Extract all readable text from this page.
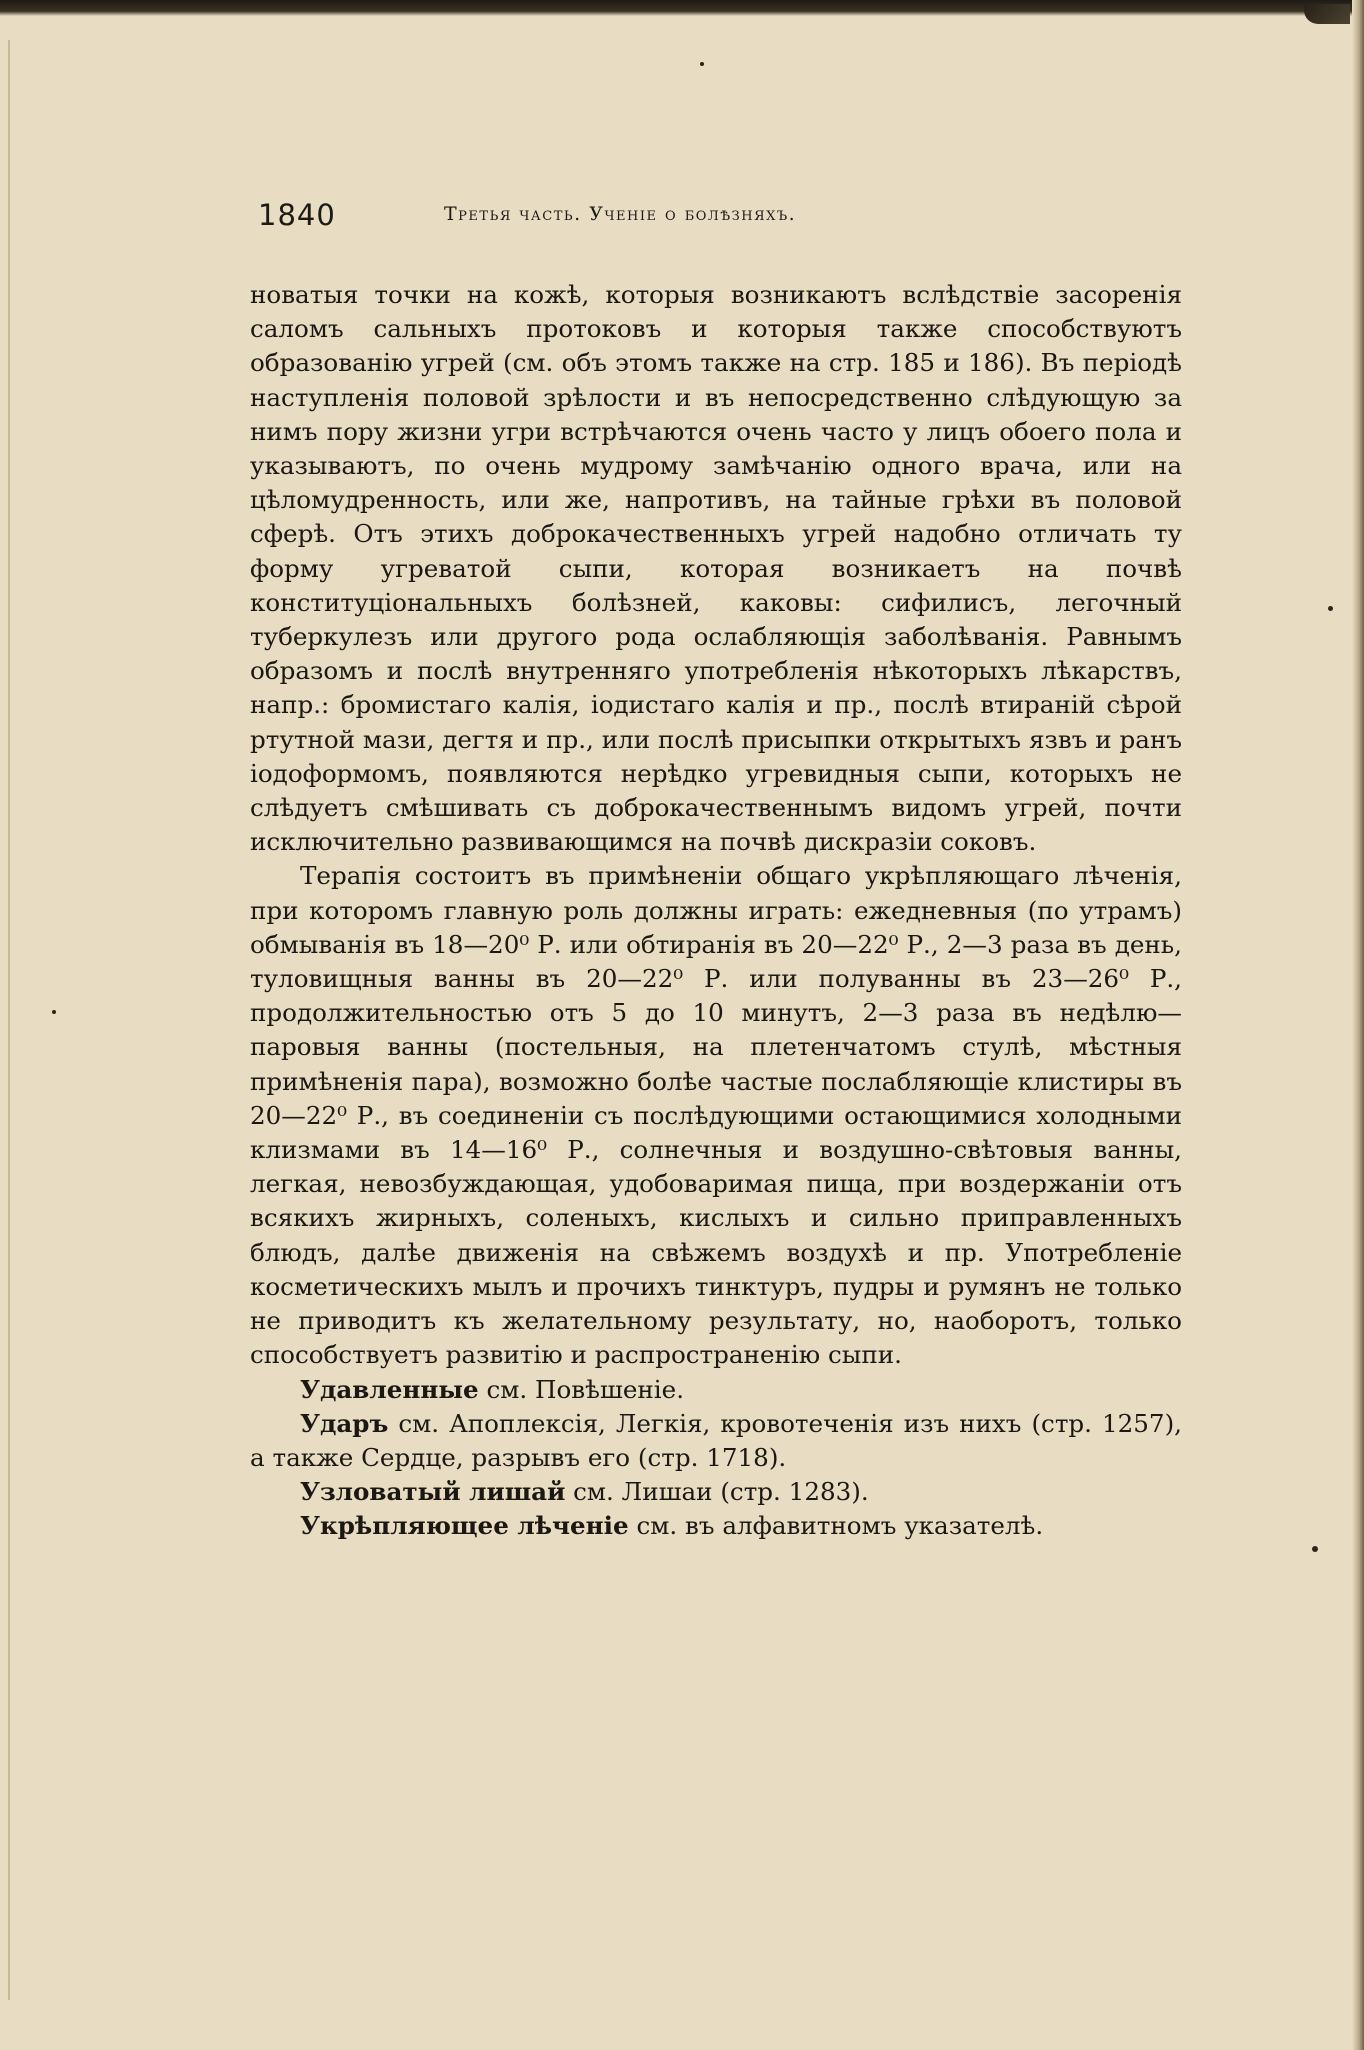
1840	Третья часть. Ученіе о болѣзняхъ.

новатыя точки на кожѣ, которыя возникаютъ вслѣдствіе засоренія саломъ сальныхъ протоковъ и которыя также способствуютъ образованію угрей (см. объ этомъ также на стр. 185 и 186). Въ періодѣ наступленія половой зрѣлости и въ непосредственно слѣдующую за нимъ пору жизни угри встрѣчаются очень часто у лицъ обоего пола и указываютъ, по очень мудрому замѣчанію одного врача, или на цѣломудренность, или же, напротивъ, на тайные грѣхи въ половой сферѣ. Отъ этихъ доброкачественныхъ угрей надобно отличать ту форму угреватой сыпи, которая возникаетъ на почвѣ конституціональныхъ болѣзней, каковы: сифилисъ, легочный туберкулезъ или другого рода ослабляющія заболѣванія. Равнымъ образомъ и послѣ внутренняго употребленія нѣкоторыхъ лѣкарствъ, напр.: бромистаго калія, іодистаго калія и пр., послѣ втираній сѣрой ртутной мази, дегтя и пр., или послѣ присыпки открытыхъ язвъ и ранъ іодоформомъ, появляются нерѣдко угревидныя сыпи, которыхъ не слѣдуетъ смѣшивать съ доброкачественнымъ видомъ угрей, почти исключительно развивающимся на почвѣ дискразіи соковъ.

Терапія состоитъ въ примѣненіи общаго укрѣпляющаго лѣченія, при которомъ главную роль должны играть: ежедневныя (по утрамъ) обмыванія въ 18—20⁰ Р. или обтиранія въ 20—22⁰ Р., 2—3 раза въ день, туловищныя ванны въ 20—22⁰ Р. или полуванны въ 23—26⁰ Р., продолжительностью отъ 5 до 10 минутъ, 2—3 раза въ недѣлю—паровыя ванны (постельныя, на плетенчатомъ стулѣ, мѣстныя примѣненія пара), возможно болѣе частые послабляющіе клистиры въ 20—22⁰ Р., въ соединеніи съ послѣдующими остающимися холодными клизмами въ 14—16⁰ Р., солнечныя и воздушно-свѣтовыя ванны, легкая, невозбуждающая, удобоваримая пища, при воздержаніи отъ всякихъ жирныхъ, соленыхъ, кислыхъ и сильно приправленныхъ блюдъ, далѣе движенія на свѣжемъ воздухѣ и пр. Употребленіе косметическихъ мылъ и прочихъ тинктуръ, пудры и румянъ не только не приводитъ къ желательному результату, но, наоборотъ, только способствуетъ развитію и распространенію сыпи.

Удавленные см. Повѣшеніе.

Ударъ см. Апоплексія, Легкія, кровотеченія изъ нихъ (стр. 1257), а также Сердце, разрывъ его (стр. 1718).

Узловатый лишай см. Лишаи (стр. 1283).

Укрѣпляющее лѣченіе см. въ алфавитномъ указателѣ.
